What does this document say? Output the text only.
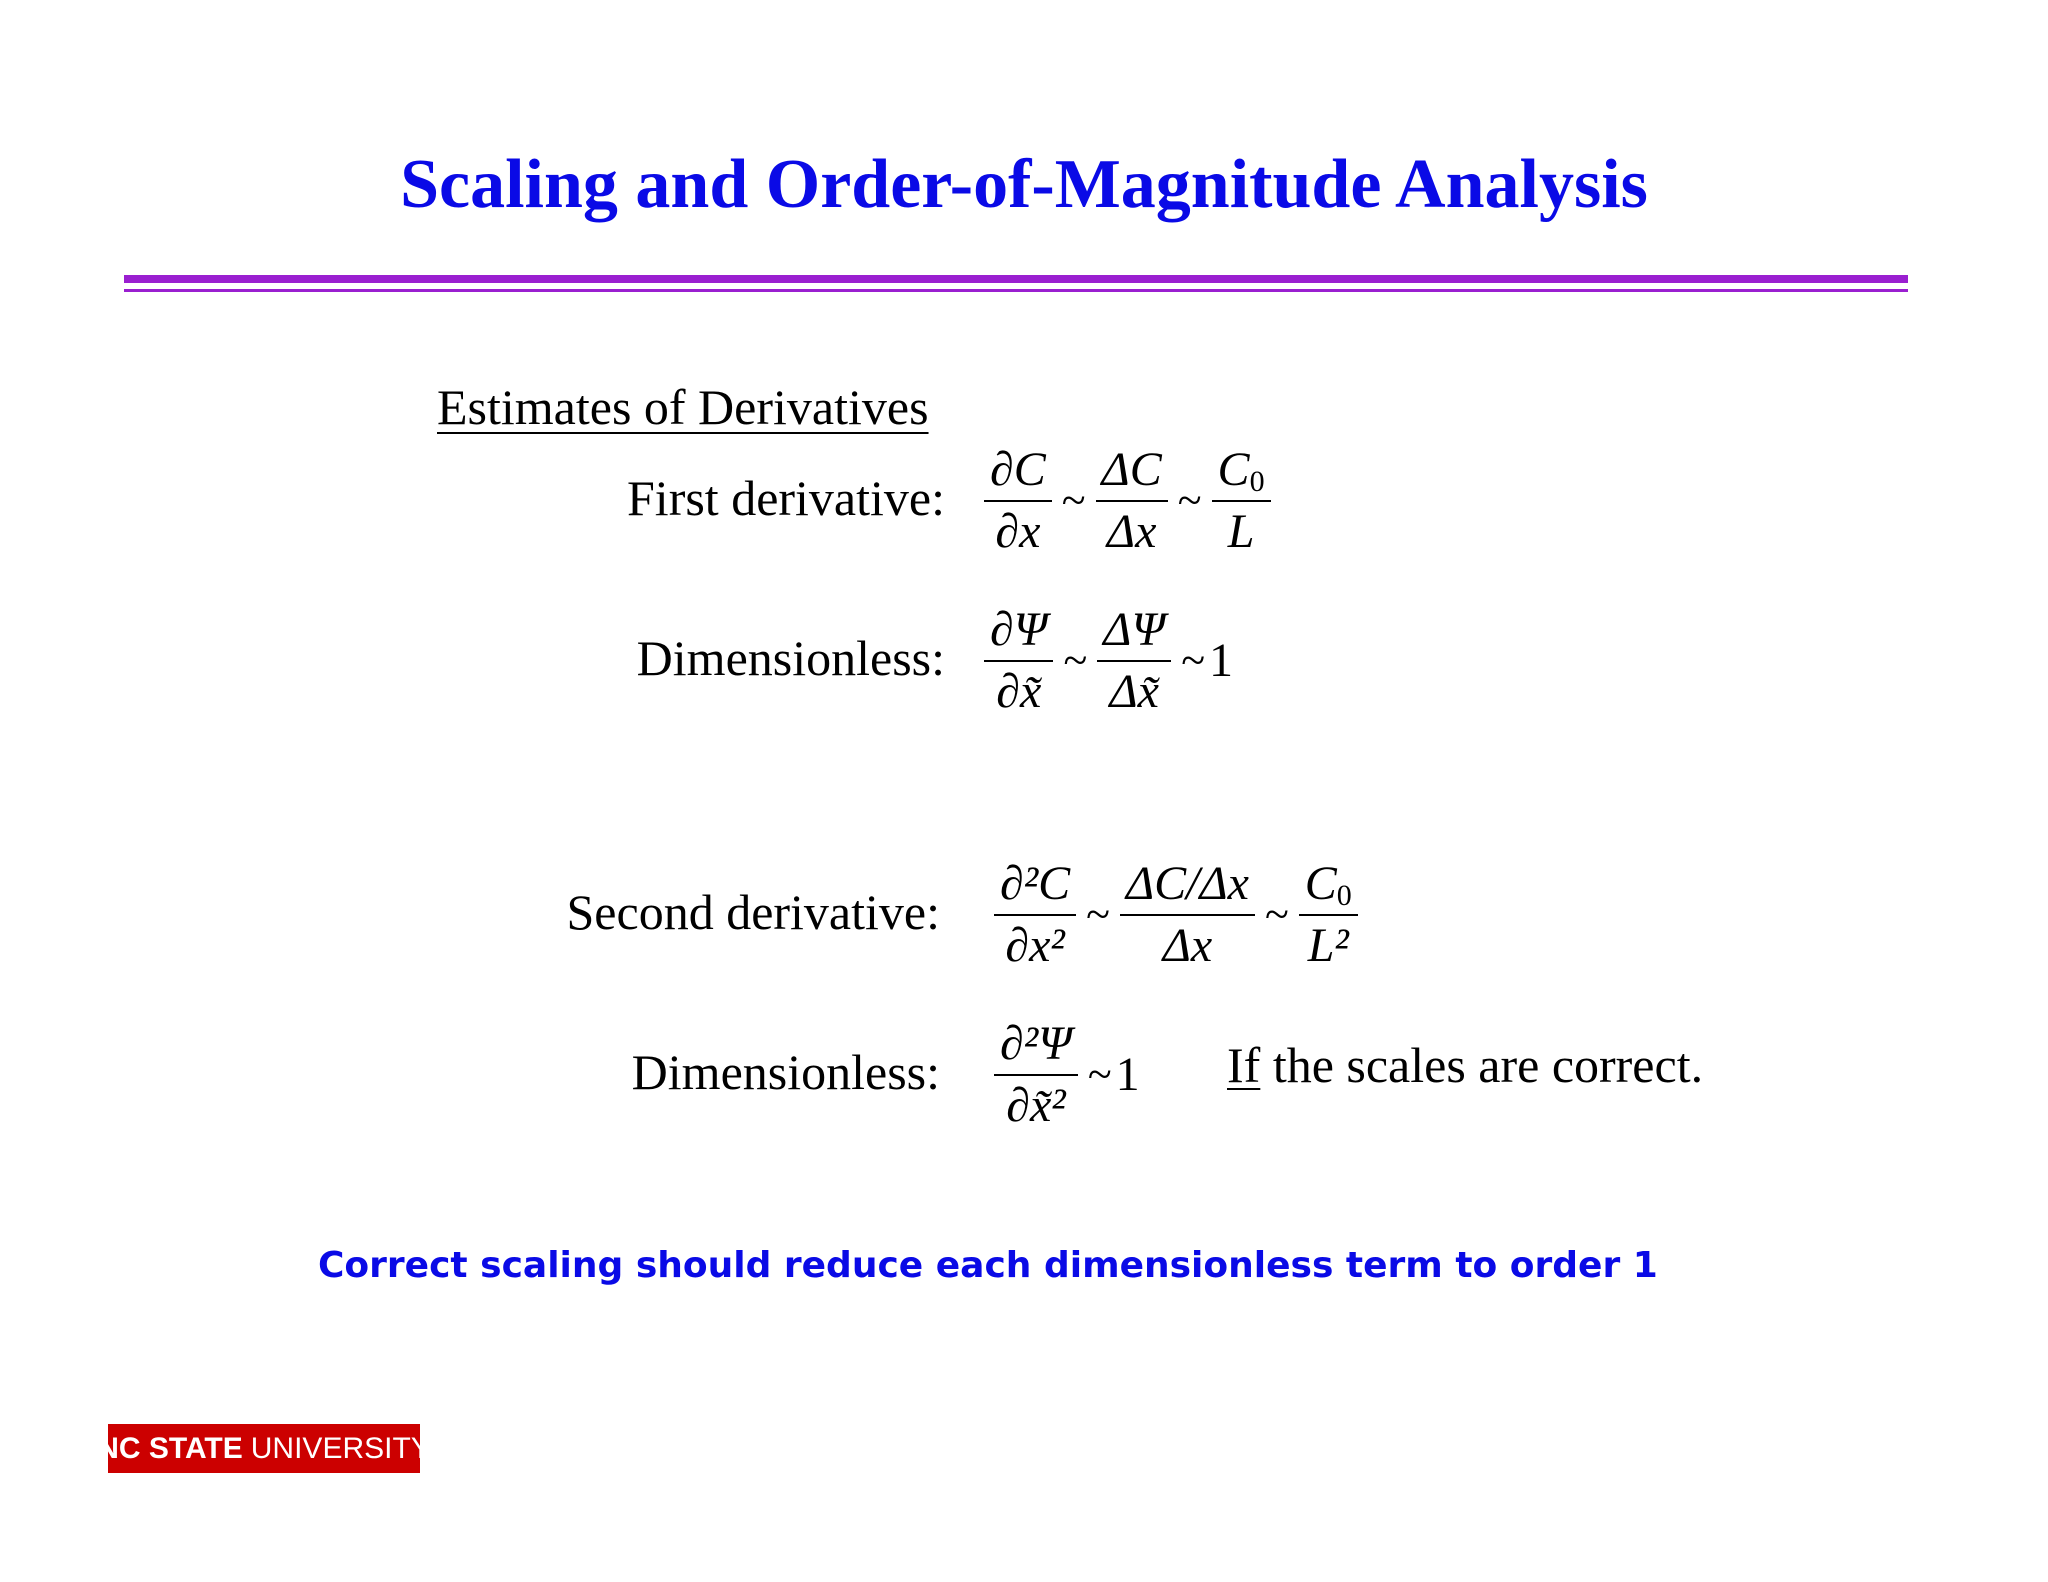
Scaling and Order-of-Magnitude Analysis
Estimates of Derivatives
First derivative: $\frac{\partial C}{\partial x}$ ~ $\frac{\Delta C}{\Delta x}$ ~ $\frac{C 0}{L}$
Dimensionless: $\frac{\partial\Psi}{\partial x̃}$ ~ $\frac{\Delta\Psi}{\Delta x̃}$ ~ 1
Second derivative: $\frac{\text{∂²C}}{\text{∂x²}}$ ~ $\frac{\Delta C/\Delta x}{\Delta x}$ ~ $\frac{C 0}{\text{L²}}$
Dimensionless: $\frac{\text{∂²Ψ}}{\text{∂x̃²}}$ ~ 1 If the scales are correct.
Correct scaling should reduce each dimensionless term to order 1
NC STATE UNIVERSITY
